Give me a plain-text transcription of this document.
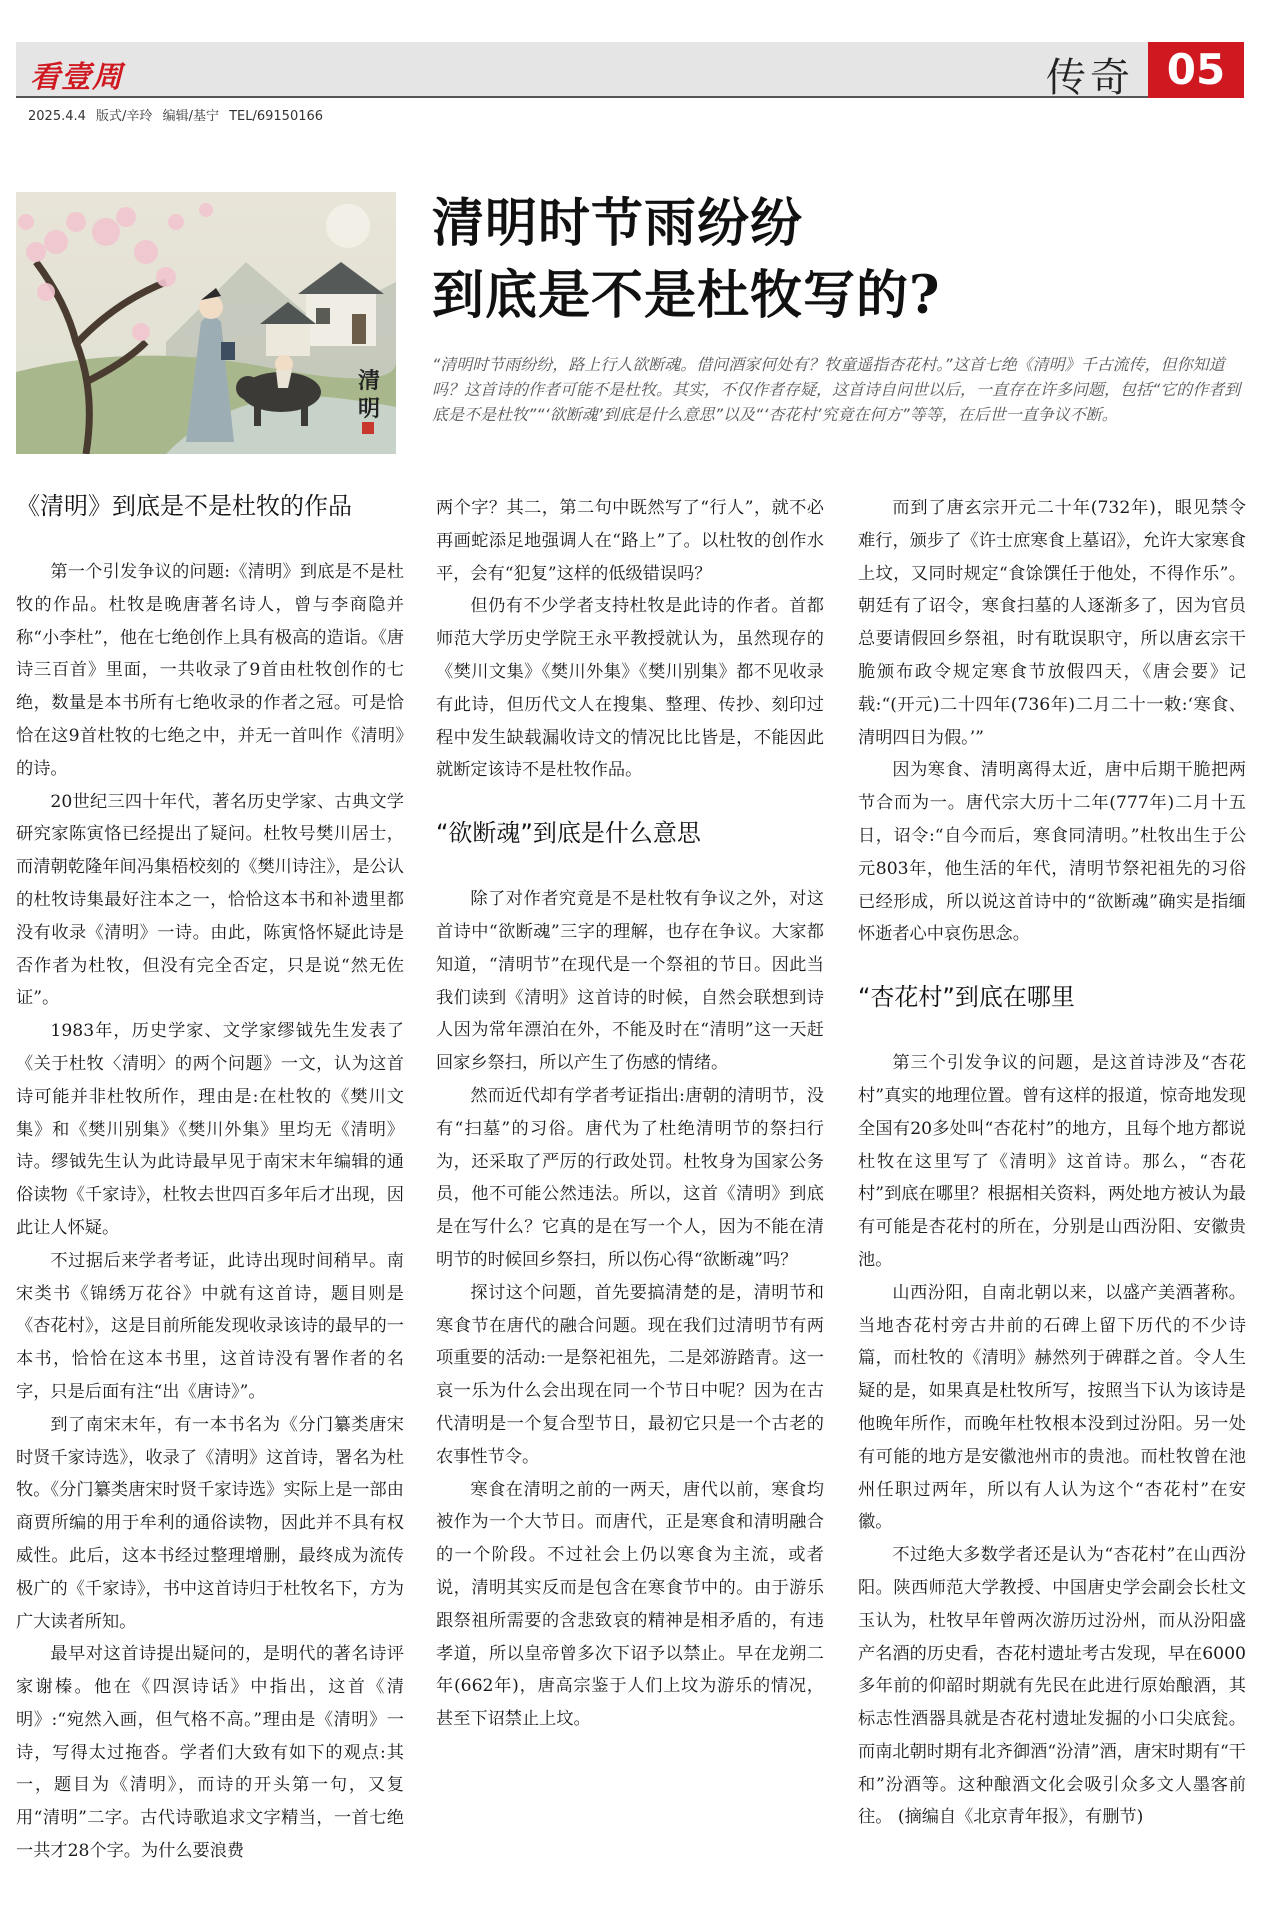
看壹周	传奇 05
2025.4.4 版式/辛玲 编辑/基宁 TEL/69150166
清
明
清明时节雨纷纷
到底是不是杜牧写的?

“清明时节雨纷纷，路上行人欲断魂。借问酒家何处有？牧童遥指杏花村。”这首七绝《清明》千古流传，但你知道吗？这首诗的作者可能不是杜牧。其实，不仅作者存疑，这首诗自问世以后，一直存在许多问题，包括“它的作者到底是不是杜牧”“‘欲断魂’到底是什么意思”以及“‘杏花村’究竟在何方”等等，在后世一直争议不断。

《清明》到底是不是杜牧的作品

第一个引发争议的问题:《清明》到底是不是杜牧的作品。杜牧是晚唐著名诗人，曾与李商隐并称“小李杜”，他在七绝创作上具有极高的造诣。《唐诗三百首》里面，一共收录了9首由杜牧创作的七绝，数量是本书所有七绝收录的作者之冠。可是恰恰在这9首杜牧的七绝之中，并无一首叫作《清明》的诗。

20世纪三四十年代，著名历史学家、古典文学研究家陈寅恪已经提出了疑问。杜牧号樊川居士，而清朝乾隆年间冯集梧校刻的《樊川诗注》，是公认的杜牧诗集最好注本之一，恰恰这本书和补遗里都没有收录《清明》一诗。由此，陈寅恪怀疑此诗是否作者为杜牧，但没有完全否定，只是说“然无佐证”。

1983年，历史学家、文学家缪钺先生发表了《关于杜牧〈清明〉的两个问题》一文，认为这首诗可能并非杜牧所作，理由是:在杜牧的《樊川文集》和《樊川别集》《樊川外集》里均无《清明》诗。缪钺先生认为此诗最早见于南宋末年编辑的通俗读物《千家诗》，杜牧去世四百多年后才出现，因此让人怀疑。

不过据后来学者考证，此诗出现时间稍早。南宋类书《锦绣万花谷》中就有这首诗，题目则是《杏花村》，这是目前所能发现收录该诗的最早的一本书，恰恰在这本书里，这首诗没有署作者的名字，只是后面有注“出《唐诗》”。

到了南宋末年，有一本书名为《分门纂类唐宋时贤千家诗选》，收录了《清明》这首诗，署名为杜牧。《分门纂类唐宋时贤千家诗选》实际上是一部由商贾所编的用于牟利的通俗读物，因此并不具有权威性。此后，这本书经过整理增删，最终成为流传极广的《千家诗》，书中这首诗归于杜牧名下，方为广大读者所知。

最早对这首诗提出疑问的，是明代的著名诗评家谢榛。他在《四溟诗话》中指出，这首《清明》:“宛然入画，但气格不高。”理由是《清明》一诗，写得太过拖沓。学者们大致有如下的观点:其一，题目为《清明》，而诗的开头第一句，又复用“清明”二字。古代诗歌追求文字精当，一首七绝一共才28个字。为什么要浪费

两个字？其二，第二句中既然写了“行人”，就不必再画蛇添足地强调人在“路上”了。以杜牧的创作水平，会有“犯复”这样的低级错误吗？

但仍有不少学者支持杜牧是此诗的作者。首都师范大学历史学院王永平教授就认为，虽然现存的《樊川文集》《樊川外集》《樊川别集》都不见收录有此诗，但历代文人在搜集、整理、传抄、刻印过程中发生缺载漏收诗文的情况比比皆是，不能因此就断定该诗不是杜牧作品。

“欲断魂”到底是什么意思

除了对作者究竟是不是杜牧有争议之外，对这首诗中“欲断魂”三字的理解，也存在争议。大家都知道，“清明节”在现代是一个祭祖的节日。因此当我们读到《清明》这首诗的时候，自然会联想到诗人因为常年漂泊在外，不能及时在“清明”这一天赶回家乡祭扫，所以产生了伤感的情绪。

然而近代却有学者考证指出:唐朝的清明节，没有“扫墓”的习俗。唐代为了杜绝清明节的祭扫行为，还采取了严厉的行政处罚。杜牧身为国家公务员，他不可能公然违法。所以，这首《清明》到底是在写什么？它真的是在写一个人，因为不能在清明节的时候回乡祭扫，所以伤心得“欲断魂”吗？

探讨这个问题，首先要搞清楚的是，清明节和寒食节在唐代的融合问题。现在我们过清明节有两项重要的活动:一是祭祀祖先，二是郊游踏青。这一哀一乐为什么会出现在同一个节日中呢？因为在古代清明是一个复合型节日，最初它只是一个古老的农事性节令。

寒食在清明之前的一两天，唐代以前，寒食均被作为一个大节日。而唐代，正是寒食和清明融合的一个阶段。不过社会上仍以寒食为主流，或者说，清明其实反而是包含在寒食节中的。由于游乐跟祭祖所需要的含悲致哀的精神是相矛盾的，有违孝道，所以皇帝曾多次下诏予以禁止。早在龙朔二年(662年)，唐高宗鉴于人们上坟为游乐的情况，甚至下诏禁止上坟。

而到了唐玄宗开元二十年(732年)，眼见禁令难行，颁步了《许士庶寒食上墓诏》，允许大家寒食上坟，又同时规定“食馀馔任于他处，不得作乐”。朝廷有了诏令，寒食扫墓的人逐渐多了，因为官员总要请假回乡祭祖，时有耽误职守，所以唐玄宗干脆颁布政令规定寒食节放假四天，《唐会要》记载:“(开元)二十四年(736年)二月二十一敕:‘寒食、清明四日为假。’”

因为寒食、清明离得太近，唐中后期干脆把两节合而为一。唐代宗大历十二年(777年)二月十五日，诏令:“自今而后，寒食同清明。”杜牧出生于公元803年，他生活的年代，清明节祭祀祖先的习俗已经形成，所以说这首诗中的“欲断魂”确实是指缅怀逝者心中哀伤思念。

“杏花村”到底在哪里

第三个引发争议的问题，是这首诗涉及“杏花村”真实的地理位置。曾有这样的报道，惊奇地发现全国有20多处叫“杏花村”的地方，且每个地方都说杜牧在这里写了《清明》这首诗。那么，“杏花村”到底在哪里？根据相关资料，两处地方被认为最有可能是杏花村的所在，分别是山西汾阳、安徽贵池。

山西汾阳，自南北朝以来，以盛产美酒著称。当地杏花村旁古井前的石碑上留下历代的不少诗篇，而杜牧的《清明》赫然列于碑群之首。令人生疑的是，如果真是杜牧所写，按照当下认为该诗是他晚年所作，而晚年杜牧根本没到过汾阳。另一处有可能的地方是安徽池州市的贵池。而杜牧曾在池州任职过两年，所以有人认为这个“杏花村”在安徽。

不过绝大多数学者还是认为“杏花村”在山西汾阳。陕西师范大学教授、中国唐史学会副会长杜文玉认为，杜牧早年曾两次游历过汾州，而从汾阳盛产名酒的历史看，杏花村遗址考古发现，早在6000多年前的仰韶时期就有先民在此进行原始酿酒，其标志性酒器具就是杏花村遗址发掘的小口尖底瓮。而南北朝时期有北齐御酒“汾清”酒，唐宋时期有“干和”汾酒等。这种酿酒文化会吸引众多文人墨客前往。 (摘编自《北京青年报》，有删节)
